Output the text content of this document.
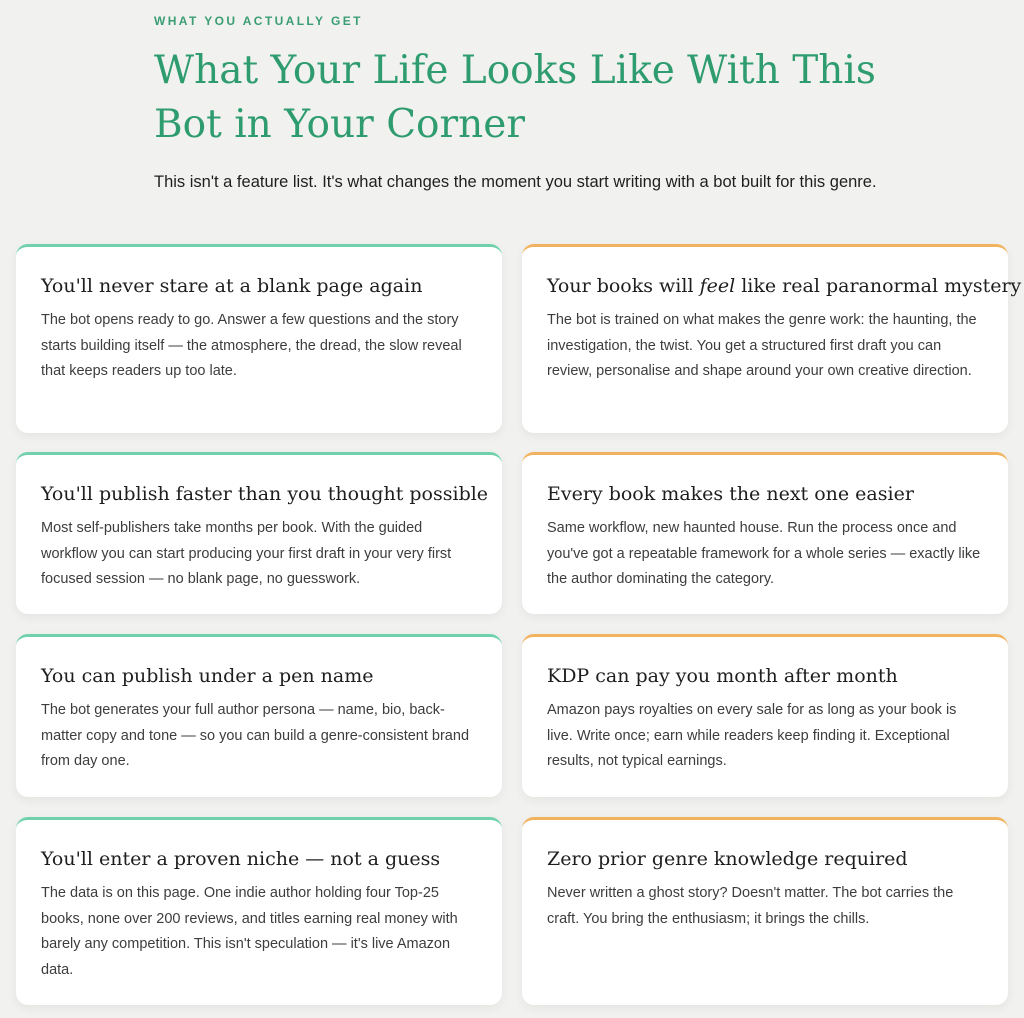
WHAT YOU ACTUALLY GET
What Your Life Looks Like With This Bot in Your Corner

This isn't a feature list. It's what changes the moment you start writing with a bot built for this genre.

You'll never stare at a blank page again

The bot opens ready to go. Answer a few questions and the story starts building itself — the atmosphere, the dread, the slow reveal that keeps readers up too late.

Your books will feel like real paranormal mystery

The bot is trained on what makes the genre work: the haunting, the investigation, the twist. You get a structured first draft you can review, personalise and shape around your own creative direction.

You'll publish faster than you thought possible

Most self-publishers take months per book. With the guided workflow you can start producing your first draft in your very first focused session — no blank page, no guesswork.

Every book makes the next one easier

Same workflow, new haunted house. Run the process once and you've got a repeatable framework for a whole series — exactly like the author dominating the category.

You can publish under a pen name

The bot generates your full author persona — name, bio, back-matter copy and tone — so you can build a genre-consistent brand from day one.

KDP can pay you month after month

Amazon pays royalties on every sale for as long as your book is live. Write once; earn while readers keep finding it. Exceptional results, not typical earnings.

You'll enter a proven niche — not a guess

The data is on this page. One indie author holding four Top-25 books, none over 200 reviews, and titles earning real money with barely any competition. This isn't speculation — it's live Amazon data.

Zero prior genre knowledge required

Never written a ghost story? Doesn't matter. The bot carries the craft. You bring the enthusiasm; it brings the chills.
